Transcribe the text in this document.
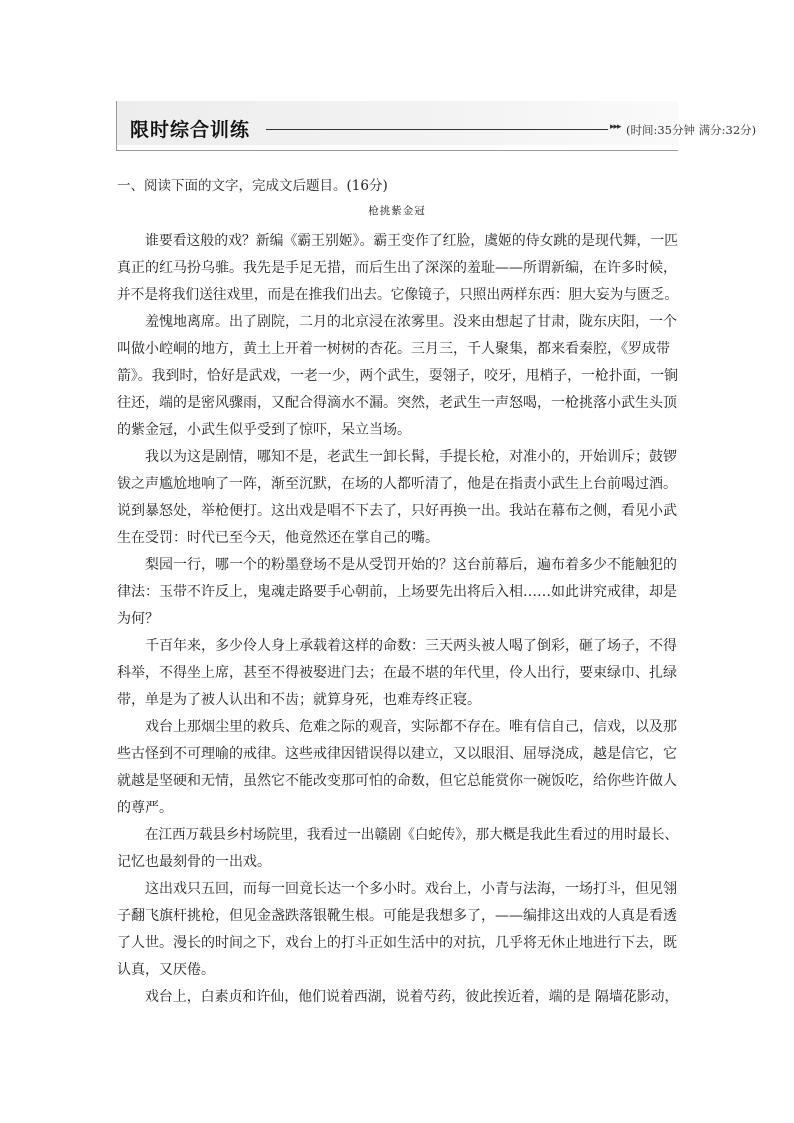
限时综合训练	▸▸▸ (时间:35分钟 满分:32分)
一、阅读下面的文字，完成文后题目。(16分)
枪挑紫金冠
谁要看这般的戏？新编《霸王别姬》。霸王变作了红脸，虞姬的侍女跳的是现代舞，一匹
真正的红马扮乌骓。我先是手足无措，而后生出了深深的羞耻——所谓新编，在许多时候，
并不是将我们送往戏里，而是在推我们出去。它像镜子，只照出两样东西：胆大妄为与匮乏。
羞愧地离席。出了剧院，二月的北京浸在浓雾里。没来由想起了甘肃，陇东庆阳，一个
叫做小崆峒的地方，黄土上开着一树树的杏花。三月三，千人聚集，都来看秦腔，《罗成带
箭》。我到时，恰好是武戏，一老一少，两个武生，耍翎子，咬牙，甩梢子，一枪扑面，一锏
往还，端的是密风骤雨，又配合得滴水不漏。突然，老武生一声怒喝，一枪挑落小武生头顶
的紫金冠，小武生似乎受到了惊吓，呆立当场。
我以为这是剧情，哪知不是，老武生一卸长髯，手提长枪，对准小的，开始训斥；鼓锣
钹之声尴尬地响了一阵，渐至沉默，在场的人都听清了，他是在指责小武生上台前喝过酒。
说到暴怒处，举枪便打。这出戏是唱不下去了，只好再换一出。我站在幕布之侧，看见小武
生在受罚：时代已至今天，他竟然还在掌自己的嘴。
梨园一行，哪一个的粉墨登场不是从受罚开始的？这台前幕后，遍布着多少不能触犯的
律法：玉带不许反上，鬼魂走路要手心朝前，上场要先出将后入相……如此讲究戒律，却是
为何？
千百年来，多少伶人身上承载着这样的命数：三天两头被人喝了倒彩，砸了场子，不得
科举，不得坐上席，甚至不得被娶进门去；在最不堪的年代里，伶人出行，要束绿巾、扎绿
带，单是为了被人认出和不齿；就算身死，也难寿终正寝。
戏台上那烟尘里的救兵、危难之际的观音，实际都不存在。唯有信自己，信戏，以及那
些古怪到不可理喻的戒律。这些戒律因错误得以建立，又以眼泪、屈辱浇成，越是信它，它
就越是坚硬和无情，虽然它不能改变那可怕的命数，但它总能赏你一碗饭吃，给你些许做人
的尊严。
在江西万载县乡村场院里，我看过一出赣剧《白蛇传》，那大概是我此生看过的用时最长、
记忆也最刻骨的一出戏。
这出戏只五回，而每一回竟长达一个多小时。戏台上，小青与法海，一场打斗，但见翎
子翻飞旗杆挑枪，但见金盏跌落银靴生根。可能是我想多了，——编排这出戏的人真是看透
了人世。漫长的时间之下，戏台上的打斗正如生活中的对抗，几乎将无休止地进行下去，既
认真，又厌倦。
戏台上，白素贞和许仙，他们说着西湖，说着芍药，彼此挨近着，端的是 隔墙花影动，
